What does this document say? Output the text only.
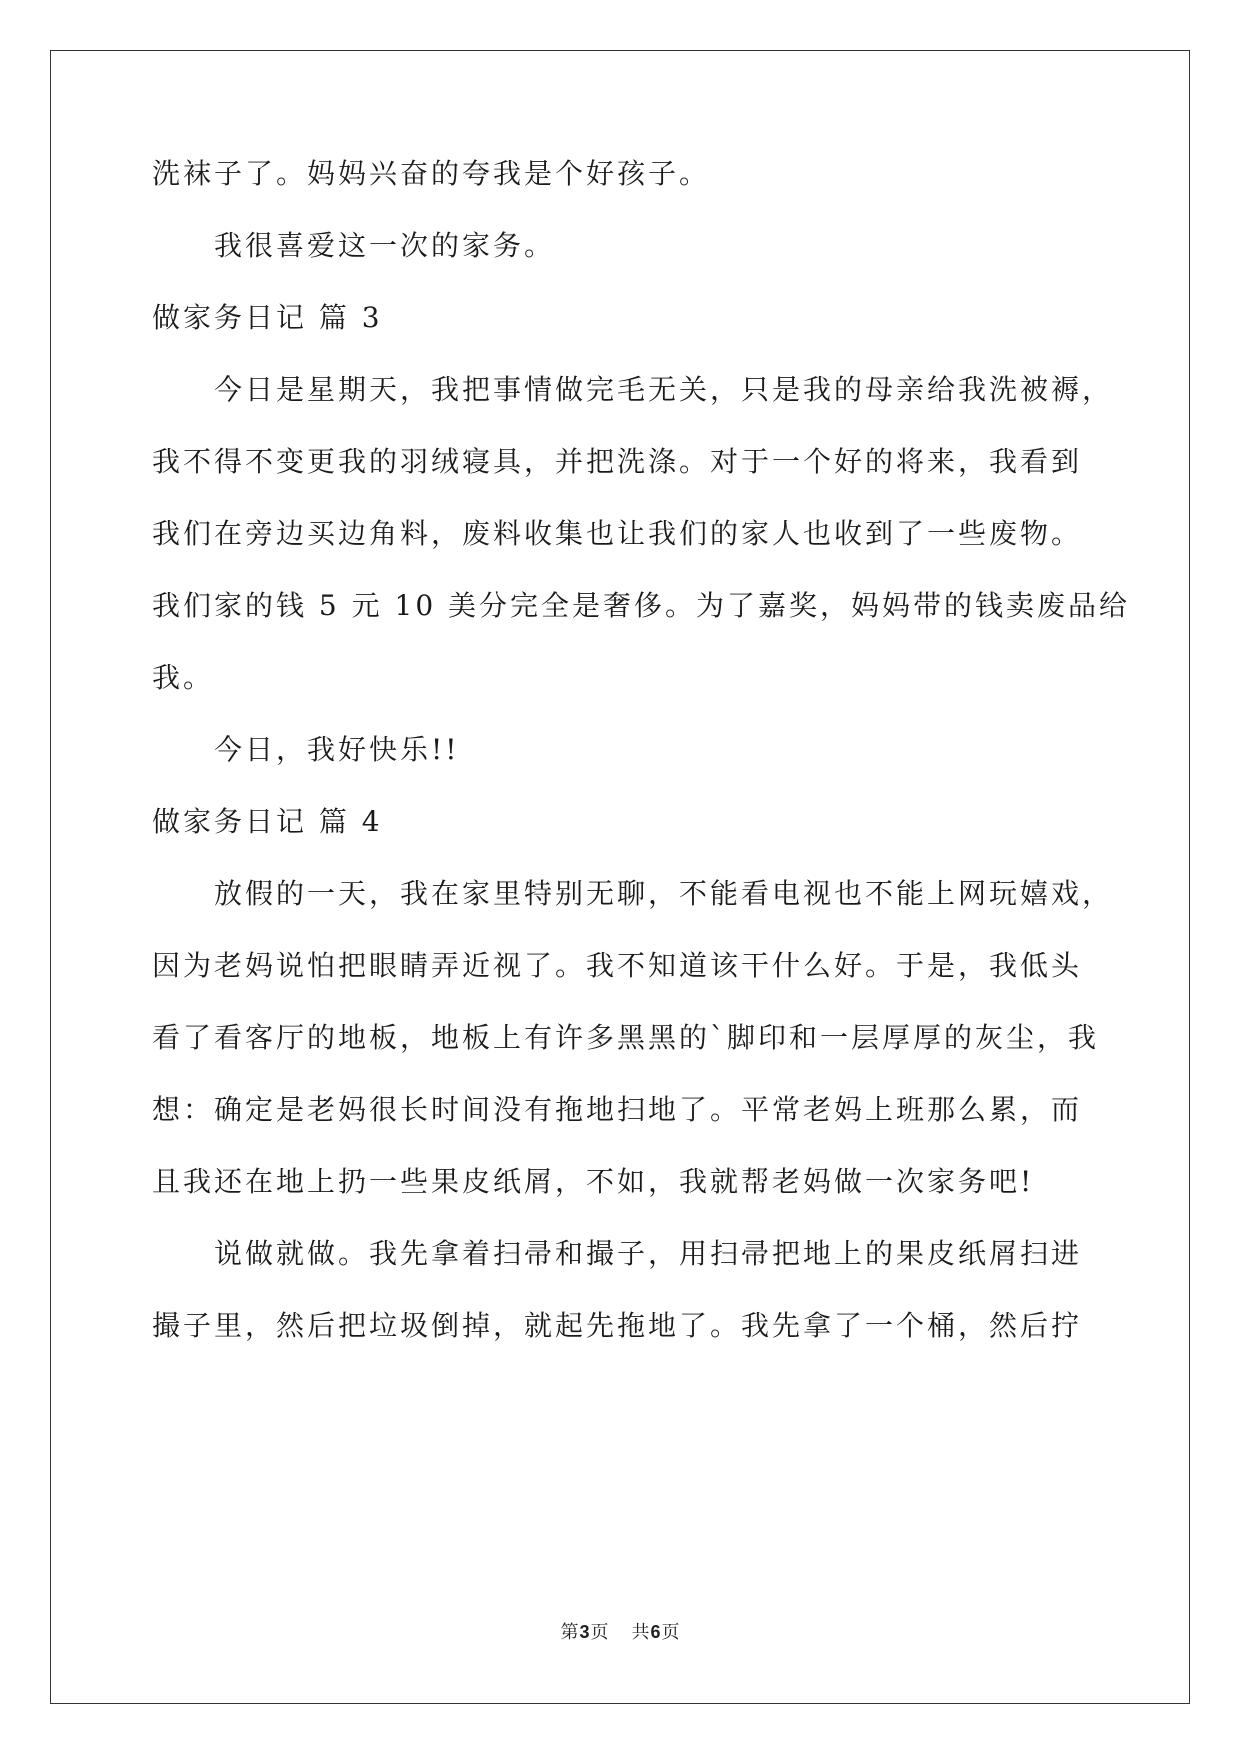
洗袜子了。妈妈兴奋的夸我是个好孩子。
我很喜爱这一次的家务。
做家务日记 篇 3
今日是星期天，我把事情做完毛无关，只是我的母亲给我洗被褥，
我不得不变更我的羽绒寝具，并把洗涤。对于一个好的将来，我看到
我们在旁边买边角料，废料收集也让我们的家人也收到了一些废物。
我们家的钱 5 元 10 美分完全是奢侈。为了嘉奖，妈妈带的钱卖废品给
我。
今日，我好快乐!!
做家务日记 篇 4
放假的一天，我在家里特别无聊，不能看电视也不能上网玩嬉戏，
因为老妈说怕把眼睛弄近视了。我不知道该干什么好。于是，我低头
看了看客厅的地板，地板上有许多黑黑的`脚印和一层厚厚的灰尘，我
想：确定是老妈很长时间没有拖地扫地了。平常老妈上班那么累，而
且我还在地上扔一些果皮纸屑，不如，我就帮老妈做一次家务吧!
说做就做。我先拿着扫帚和撮子，用扫帚把地上的果皮纸屑扫进
撮子里，然后把垃圾倒掉，就起先拖地了。我先拿了一个桶，然后拧
第3页 共6页
